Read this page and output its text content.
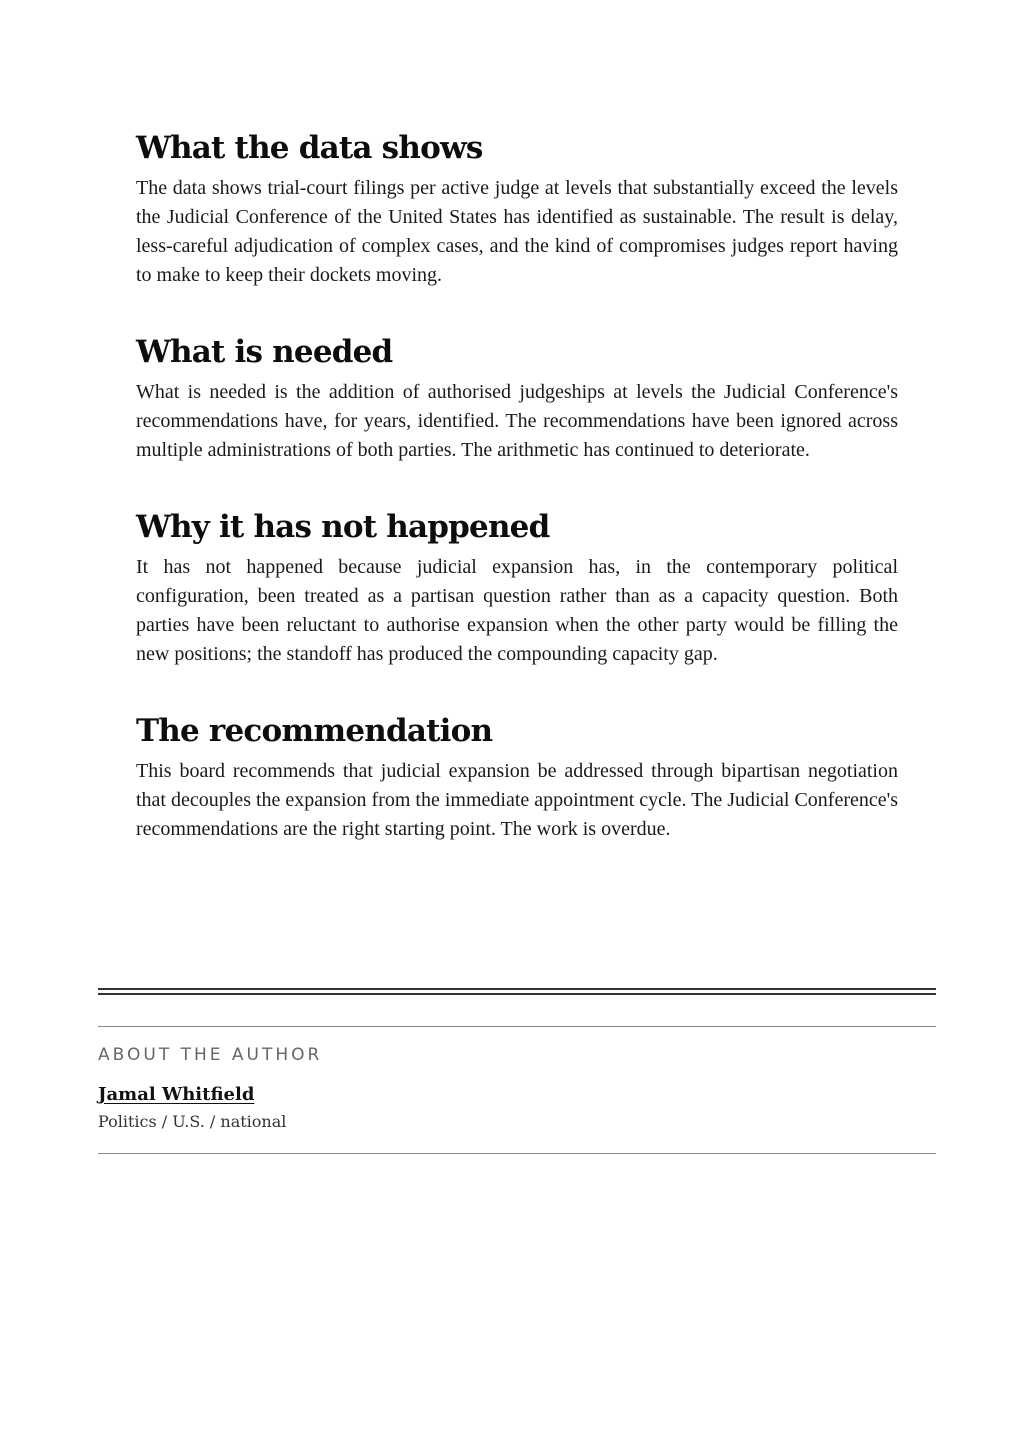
What the data shows

The data shows trial-court filings per active judge at levels that substantially exceed the levels the Judicial Conference of the United States has identified as sustainable. The result is delay, less-careful adjudication of complex cases, and the kind of compromises judges report having to make to keep their dockets moving.

What is needed

What is needed is the addition of authorised judgeships at levels the Judicial Conference's recommendations have, for years, identified. The recommendations have been ignored across multiple administrations of both parties. The arithmetic has continued to deteriorate.

Why it has not happened

It has not happened because judicial expansion has, in the contemporary political configuration, been treated as a partisan question rather than as a capacity question. Both parties have been reluctant to authorise expansion when the other party would be filling the new positions; the standoff has produced the compounding capacity gap.

The recommendation

This board recommends that judicial expansion be addressed through bipartisan negotiation that decouples the expansion from the immediate appointment cycle. The Judicial Conference's recommendations are the right starting point. The work is overdue.

ABOUT THE AUTHOR
Jamal Whitfield
Politics / U.S. / national
